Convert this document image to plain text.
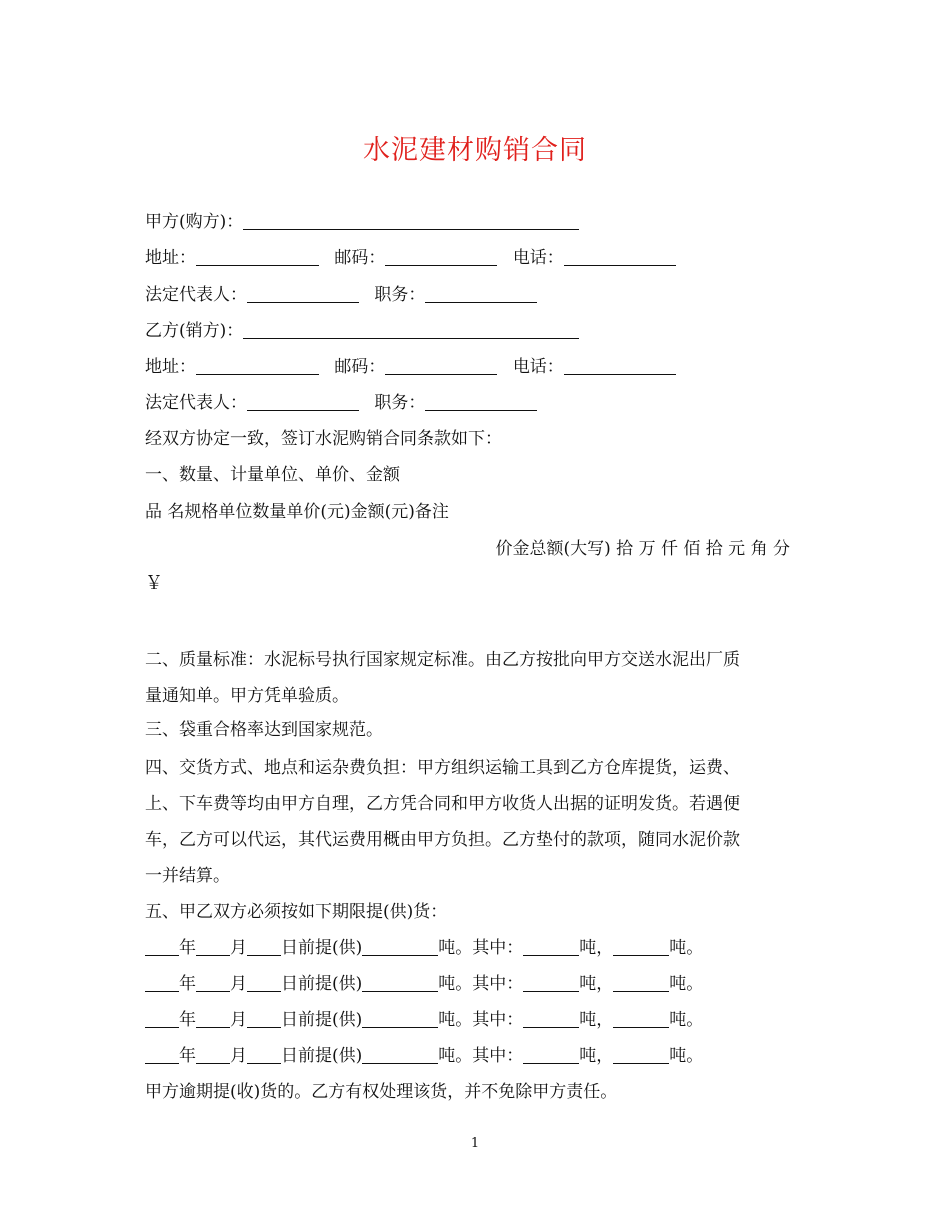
水泥建材购销合同
甲方(购方)：
地址：	邮码：	电话：
法定代表人：	职务：
乙方(销方)：
地址：	邮码：	电话：
法定代表人：	职务：
经双方协定一致，签订水泥购销合同条款如下：
一、数量、计量单位、单价、金额
品 名规格单位数量单价(元)金额(元)备注
价金总额(大写) 拾 万 仟 佰 拾 元 角 分
￥
二、质量标准：水泥标号执行国家规定标准。由乙方按批向甲方交送水泥出厂质
量通知单。甲方凭单验质。
三、袋重合格率达到国家规范。
四、交货方式、地点和运杂费负担：甲方组织运输工具到乙方仓库提货，运费、
上、下车费等均由甲方自理，乙方凭合同和甲方收货人出据的证明发货。若遇便
车，乙方可以代运，其代运费用概由甲方负担。乙方垫付的款项，随同水泥价款
一并结算。
五、甲乙双方必须按如下期限提(供)货：
年 月 日前提(供)	吨。其中：	吨，	吨。
年 月 日前提(供)	吨。其中：	吨，	吨。
年 月 日前提(供)	吨。其中：	吨，	吨。
年 月 日前提(供)	吨。其中：	吨，	吨。
甲方逾期提(收)货的。乙方有权处理该货，并不免除甲方责任。
1
